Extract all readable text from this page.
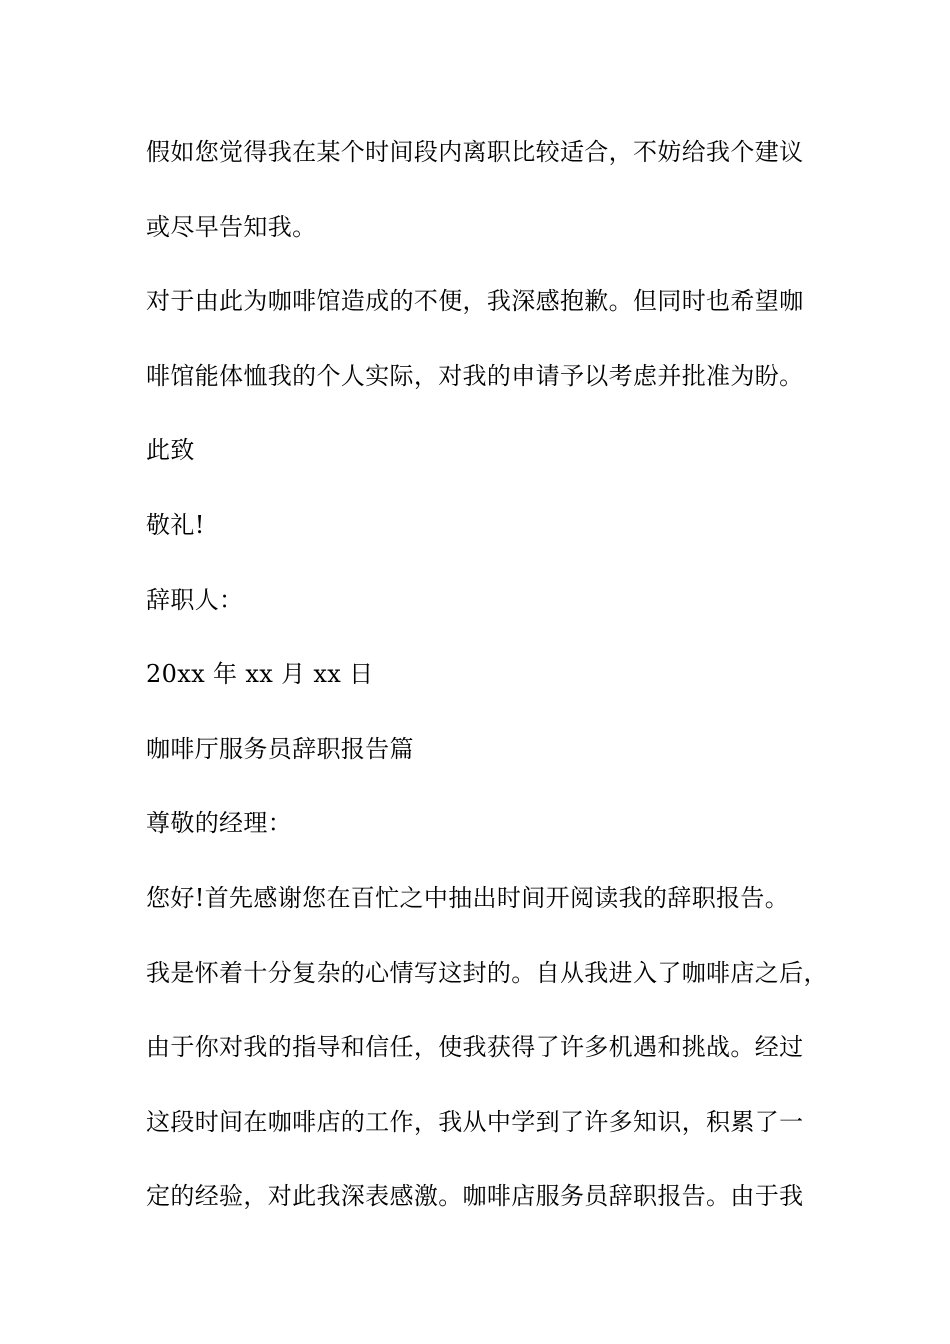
假如您觉得我在某个时间段内离职比较适合，不妨给我个建议
或尽早告知我。
对于由此为咖啡馆造成的不便，我深感抱歉。但同时也希望咖
啡馆能体恤我的个人实际，对我的申请予以考虑并批准为盼。
此致
敬礼!
辞职人：
20xx 年 xx 月 xx 日
咖啡厅服务员辞职报告篇
尊敬的经理：
您好!首先感谢您在百忙之中抽出时间开阅读我的辞职报告。
我是怀着十分复杂的心情写这封的。自从我进入了咖啡店之后，
由于你对我的指导和信任，使我获得了许多机遇和挑战。经过
这段时间在咖啡店的工作，我从中学到了许多知识，积累了一
定的经验，对此我深表感激。咖啡店服务员辞职报告。由于我
